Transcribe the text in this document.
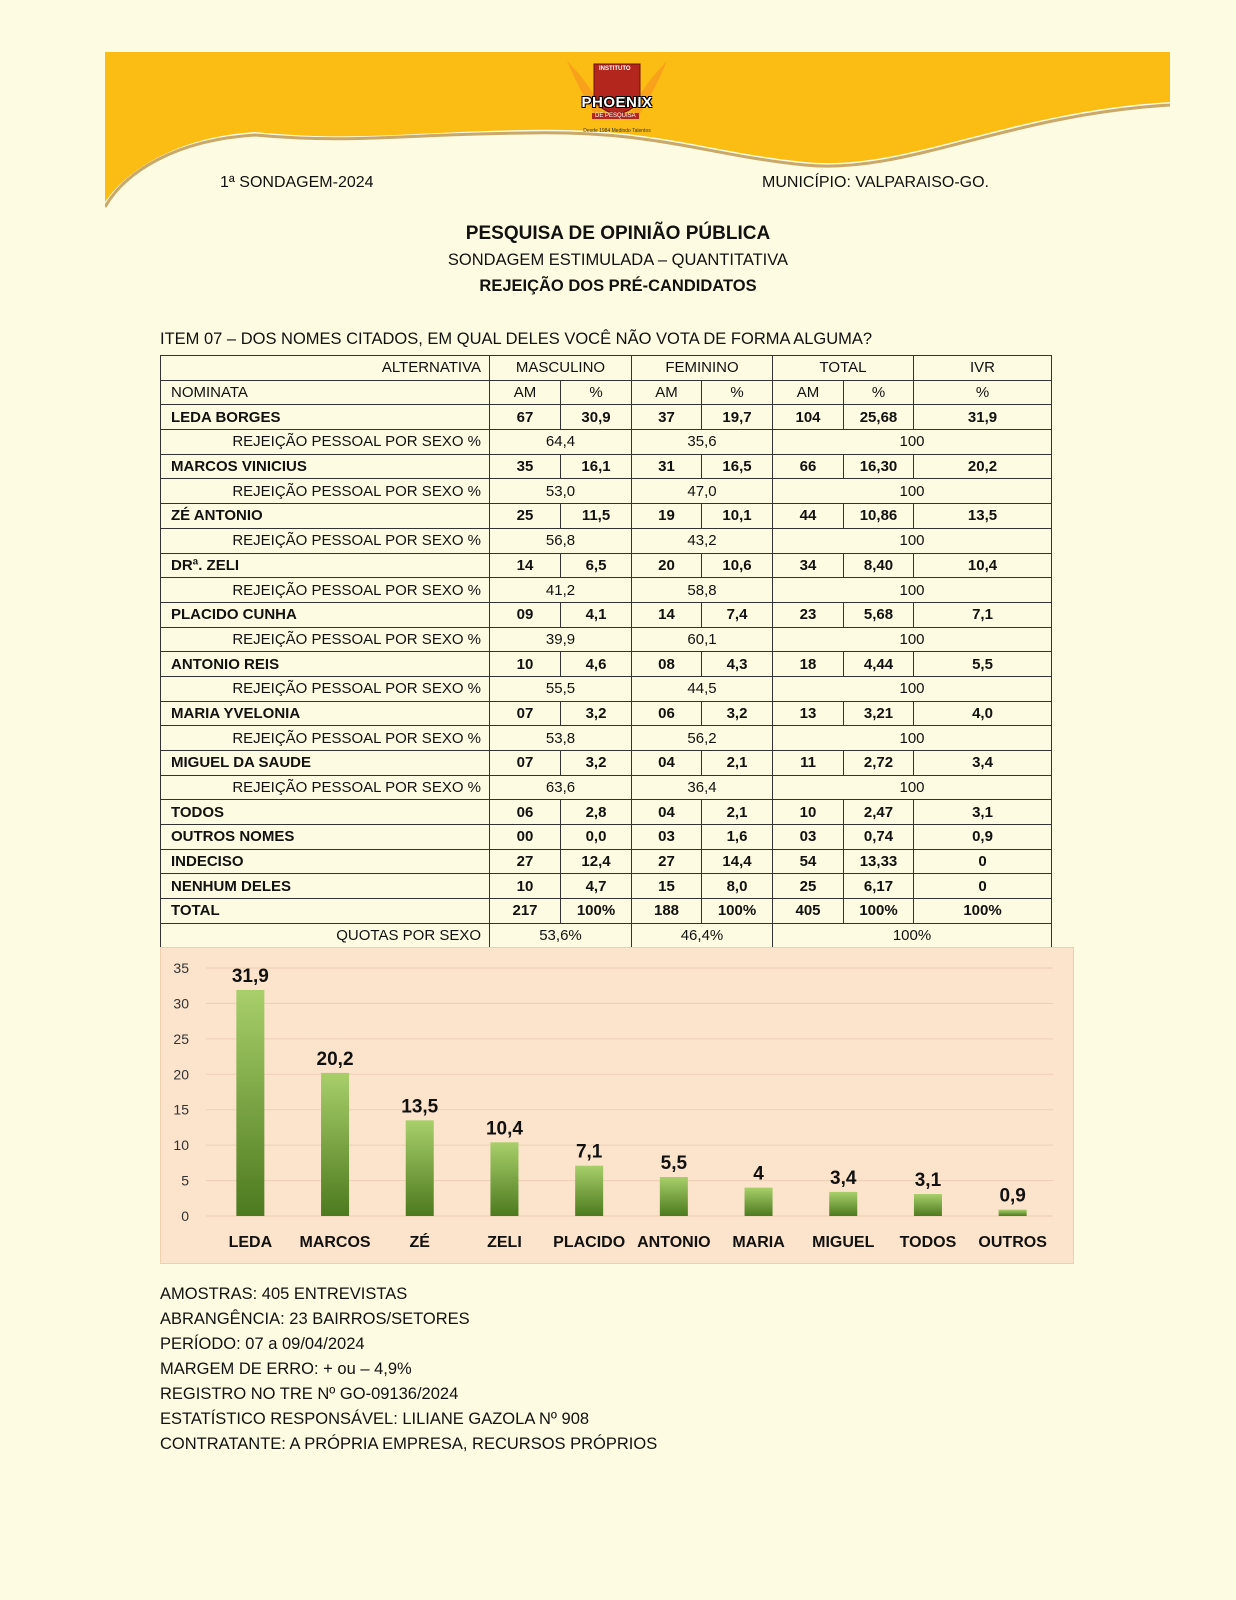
INSTITUTO
PHOENIX
DE PESQUISA
Desde 1984 Medindo Talentos
1ª SONDAGEM-2024	MUNICÍPIO: VALPARAISO-GO.
PESQUISA DE OPINIÃO PÚBLICA
SONDAGEM ESTIMULADA – QUANTITATIVA
REJEIÇÃO DOS PRÉ-CANDIDATOS
ITEM 07 – DOS NOMES CITADOS, EM QUAL DELES VOCÊ NÃO VOTA DE FORMA ALGUMA?
ALTERNATIVA	MASCULINO		FEMININO		TOTAL		IVR
NOMINATA	AM	%	AM	%	AM	%	%
LEDA BORGES	67	30,9	37	19,7	104	25,68	31,9
REJEIÇÃO PESSOAL POR SEXO %	64,4		35,6		100		
MARCOS VINICIUS	35	16,1	31	16,5	66	16,30	20,2
REJEIÇÃO PESSOAL POR SEXO %	53,0		47,0		100		
ZÉ ANTONIO	25	11,5	19	10,1	44	10,86	13,5
REJEIÇÃO PESSOAL POR SEXO %	56,8		43,2		100		
DRª. ZELI	14	6,5	20	10,6	34	8,40	10,4
REJEIÇÃO PESSOAL POR SEXO %	41,2		58,8		100		
PLACIDO CUNHA	09	4,1	14	7,4	23	5,68	7,1
REJEIÇÃO PESSOAL POR SEXO %	39,9		60,1		100		
ANTONIO REIS	10	4,6	08	4,3	18	4,44	5,5
REJEIÇÃO PESSOAL POR SEXO %	55,5		44,5		100		
MARIA YVELONIA	07	3,2	06	3,2	13	3,21	4,0
REJEIÇÃO PESSOAL POR SEXO %	53,8		56,2		100		
MIGUEL DA SAUDE	07	3,2	04	2,1	11	2,72	3,4
REJEIÇÃO PESSOAL POR SEXO %	63,6		36,4		100		
TODOS	06	2,8	04	2,1	10	2,47	3,1
OUTROS NOMES	00	0,0	03	1,6	03	0,74	0,9
INDECISO	27	12,4	27	14,4	54	13,33	0
NENHUM DELES	10	4,7	15	8,0	25	6,17	0
TOTAL	217	100%	188	100%	405	100%	100%
QUOTAS POR SEXO	53,6%		46,4%		100%		
0
5
10
15
20
25
30
35 31,9
LEDA
20,2
MARCOS
13,5
ZÉ
10,4
ZELI
7,1
PLACIDO
5,5
ANTONIO
4
MARIA
3,4
MIGUEL
3,1
TODOS
0,9
OUTROS
AMOSTRAS: 405 ENTREVISTAS
ABRANGÊNCIA: 23 BAIRROS/SETORES
PERÍODO: 07 a 09/04/2024
MARGEM DE ERRO: + ou – 4,9%
REGISTRO NO TRE Nº GO-09136/2024
ESTATÍSTICO RESPONSÁVEL: LILIANE GAZOLA Nº 908
CONTRATANTE: A PRÓPRIA EMPRESA, RECURSOS PRÓPRIOS
